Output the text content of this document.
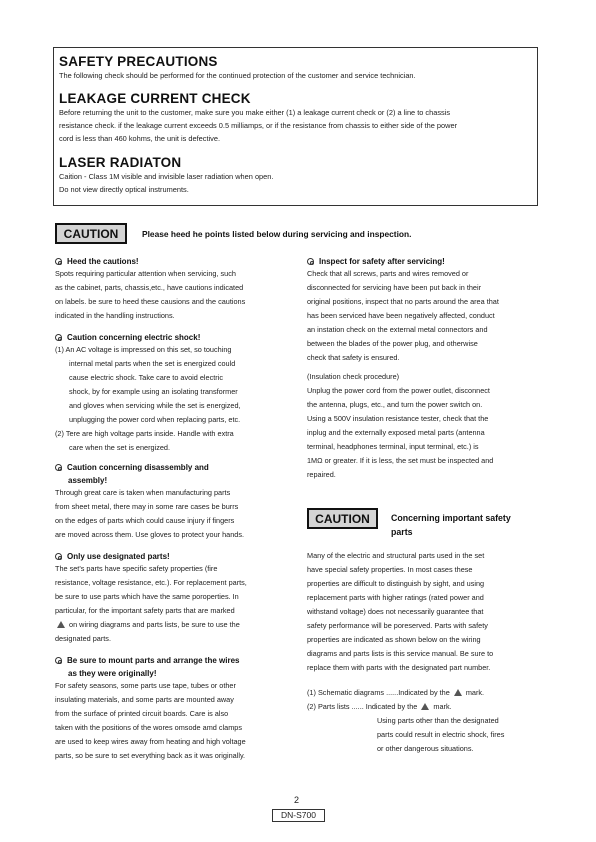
SAFETY PRECAUTIONS
The following check should be performed for the continued protection of the customer and service technician.
LEAKAGE CURRENT CHECK
Before returning the unit to the customer, make sure you make either (1) a leakage current check or (2) a line to chassis
resistance check. if the leakage current exceeds 0.5 milliamps, or if the resistance from chassis to either side of the power
cord is less than 460 kohms, the unit is defective.
LASER RADIATON
Caition - Class 1M visible and invisible laser radiation when open.
Do not view directly optical instruments.
CAUTION	Please heed he points listed below during servicing and inspection.
Heed the cautions!
Spots requiring particular attention when servicing, such
as the cabinet, parts, chassis,etc., have cautions indicated
on labels. be sure to heed these causions and the cautions
indicated in the handling instructions.
Caution concerning electric shock!
(1) An AC voltage is impressed on this set, so touching
internal metal parts when the set is energized could
cause electric shock. Take care to avoid electric
shock, by for example using an isolating transformer
and gloves when servicing while the set is energized,
unplugging the power cord when replacing parts, etc.
(2) Tere are high voltage parts inside. Handle with extra
care when the set is energized.
Caution concerning disassembly and
assembly!
Through great care is taken when manufacturing parts
from sheet metal, there may in some rare cases be burrs
on the edges of parts which could cause injury if fingers
are moved across them. Use gloves to protect your hands.
Only use designated parts!
The set's parts have specific safety properties (fire
resistance, voltage resistance, etc.). For replacement parts,
be sure to use parts which have the same poroperties. In
particular, for the important safety parts that are marked
on wiring diagrams and parts lists, be sure to use the
designated parts.
Be sure to mount parts and arrange the wires
as they were originally!
For safety seasons, some parts use tape, tubes or other
insulating materials, and some parts are mounted away
from the surface of printed circuit boards. Care is also
taken with the positions of the wores omsode amd clamps
are used to keep wires away from heating and high voltage
parts, so be sure to set everything back as it was originally.
Inspect for safety after servicing!
Check that all screws, parts and wires removed or
disconnected for servicing have been put back in their
original positions, inspect that no parts around the area that
has been serviced have been negatively affected, conduct
an instation check on the external metal connectors and
between the blades of the power plug, and otherwise
check that safety is ensured.
(Insulation check procedure)
Unplug the power cord from the power outlet, disconnect
the antenna, plugs, etc., and turn the power switch on.
Using a 500V insulation resistance tester, check that the
inplug and the externally exposed metal parts (antenna
terminal, headphones terminal, input terminal, etc.) is
1MΩ or greater. If it is less, the set must be inspected and
repaired.
CAUTION	Concerning important safety
parts
Many of the electric and structural parts used in the set
have special safety properties. In most cases these
properties are difficult to distinguish by sight, and using
replacement parts with higher ratings (rated power and
withstand voltage) does not necessarily guarantee that
safety performance will be poreserved. Parts with safety
properties are indicated as shown below on the wiring
diagrams and parts lists is this service manual. Be sure to
replace them with parts with the designated part number.
(1) Schematic diagrams ......Indicated by the mark.
(2) Parts lists ...... Indicated by the mark.
Using parts other than the designated
parts could result in electric shock, fires
or other dangerous situations.
2
DN-S700
